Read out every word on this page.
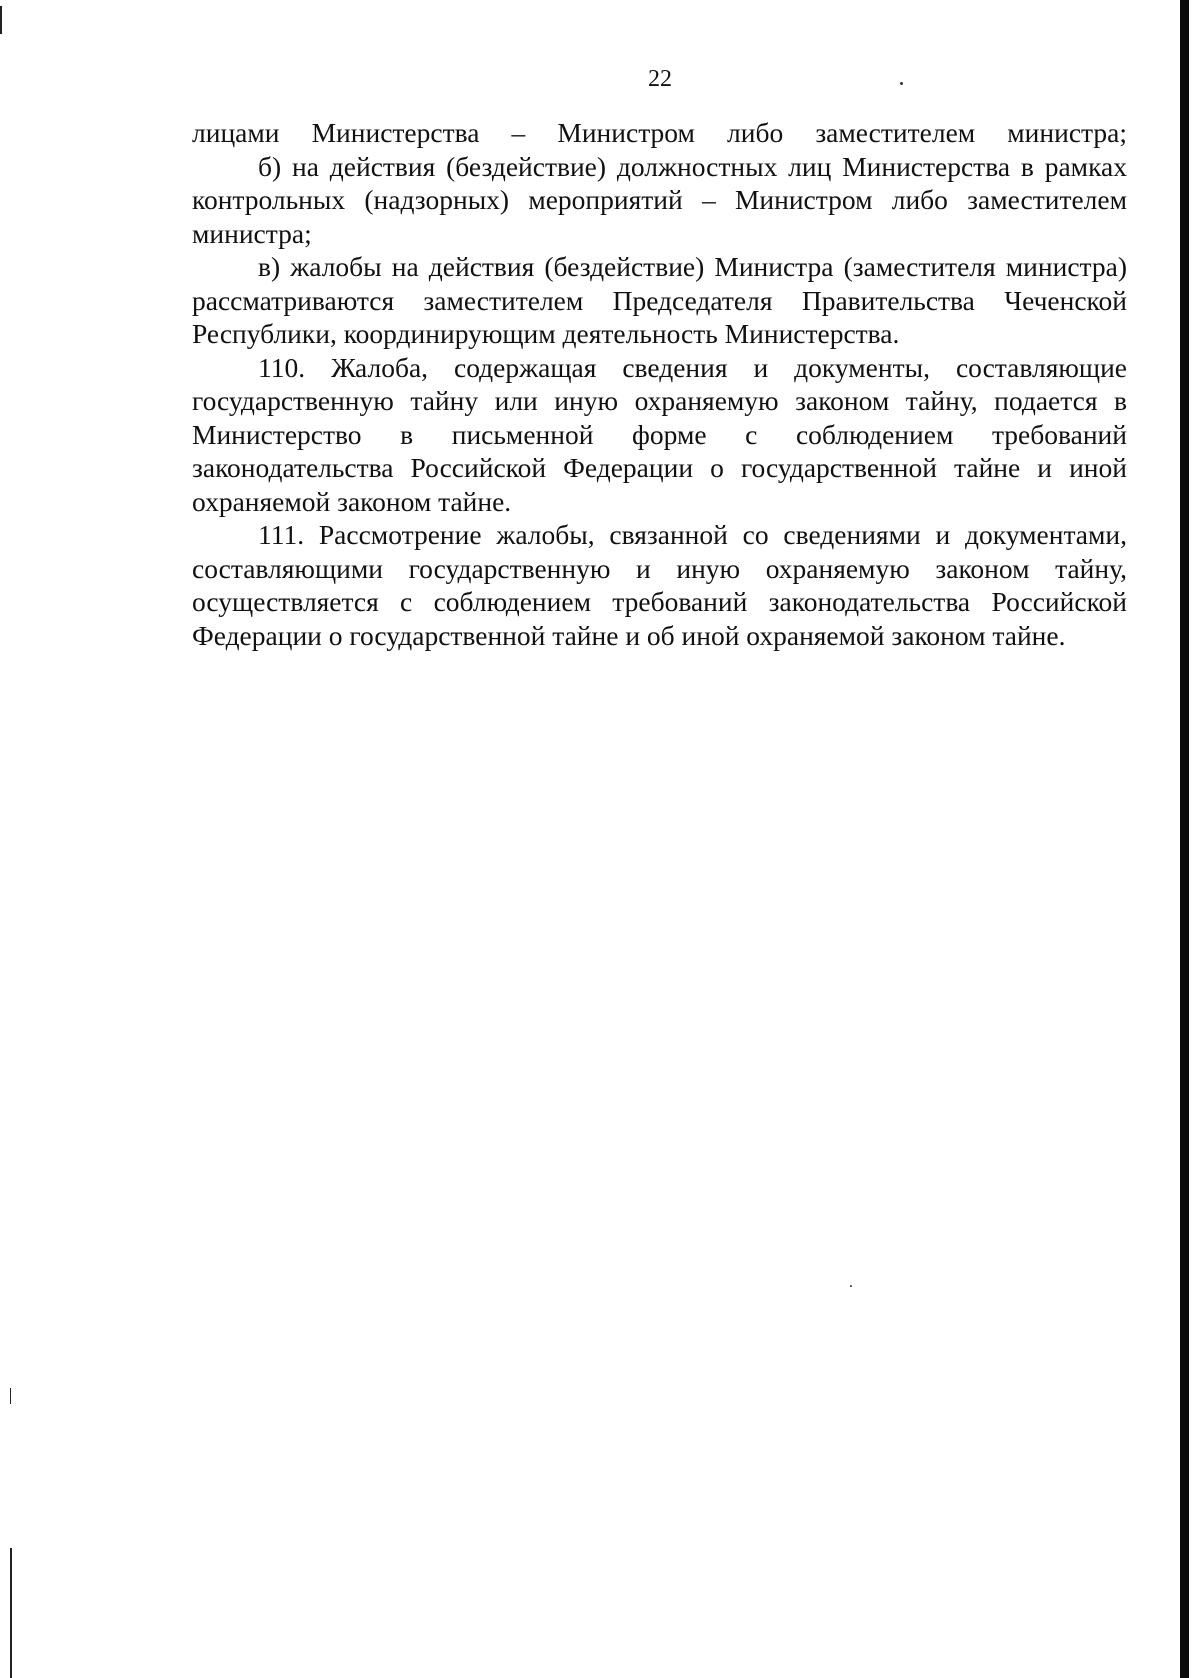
22

лицами Министерства – Министром либо заместителем министра;

б) на действия (бездействие) должностных лиц Министерства в рамках

контрольных (надзорных) мероприятий – Министром либо заместителем

министра;

в) жалобы на действия (бездействие) Министра (заместителя министра)

рассматриваются заместителем Председателя Правительства Чеченской

Республики, координирующим деятельность Министерства.

110. Жалоба, содержащая сведения и документы, составляющие

государственную тайну или иную охраняемую законом тайну, подается в

Министерство в письменной форме с соблюдением требований

законодательства Российской Федерации о государственной тайне и иной

охраняемой законом тайне.

111. Рассмотрение жалобы, связанной со сведениями и документами,

составляющими государственную и иную охраняемую законом тайну,

осуществляется с соблюдением требований законодательства Российской

Федерации о государственной тайне и об иной охраняемой законом тайне.
